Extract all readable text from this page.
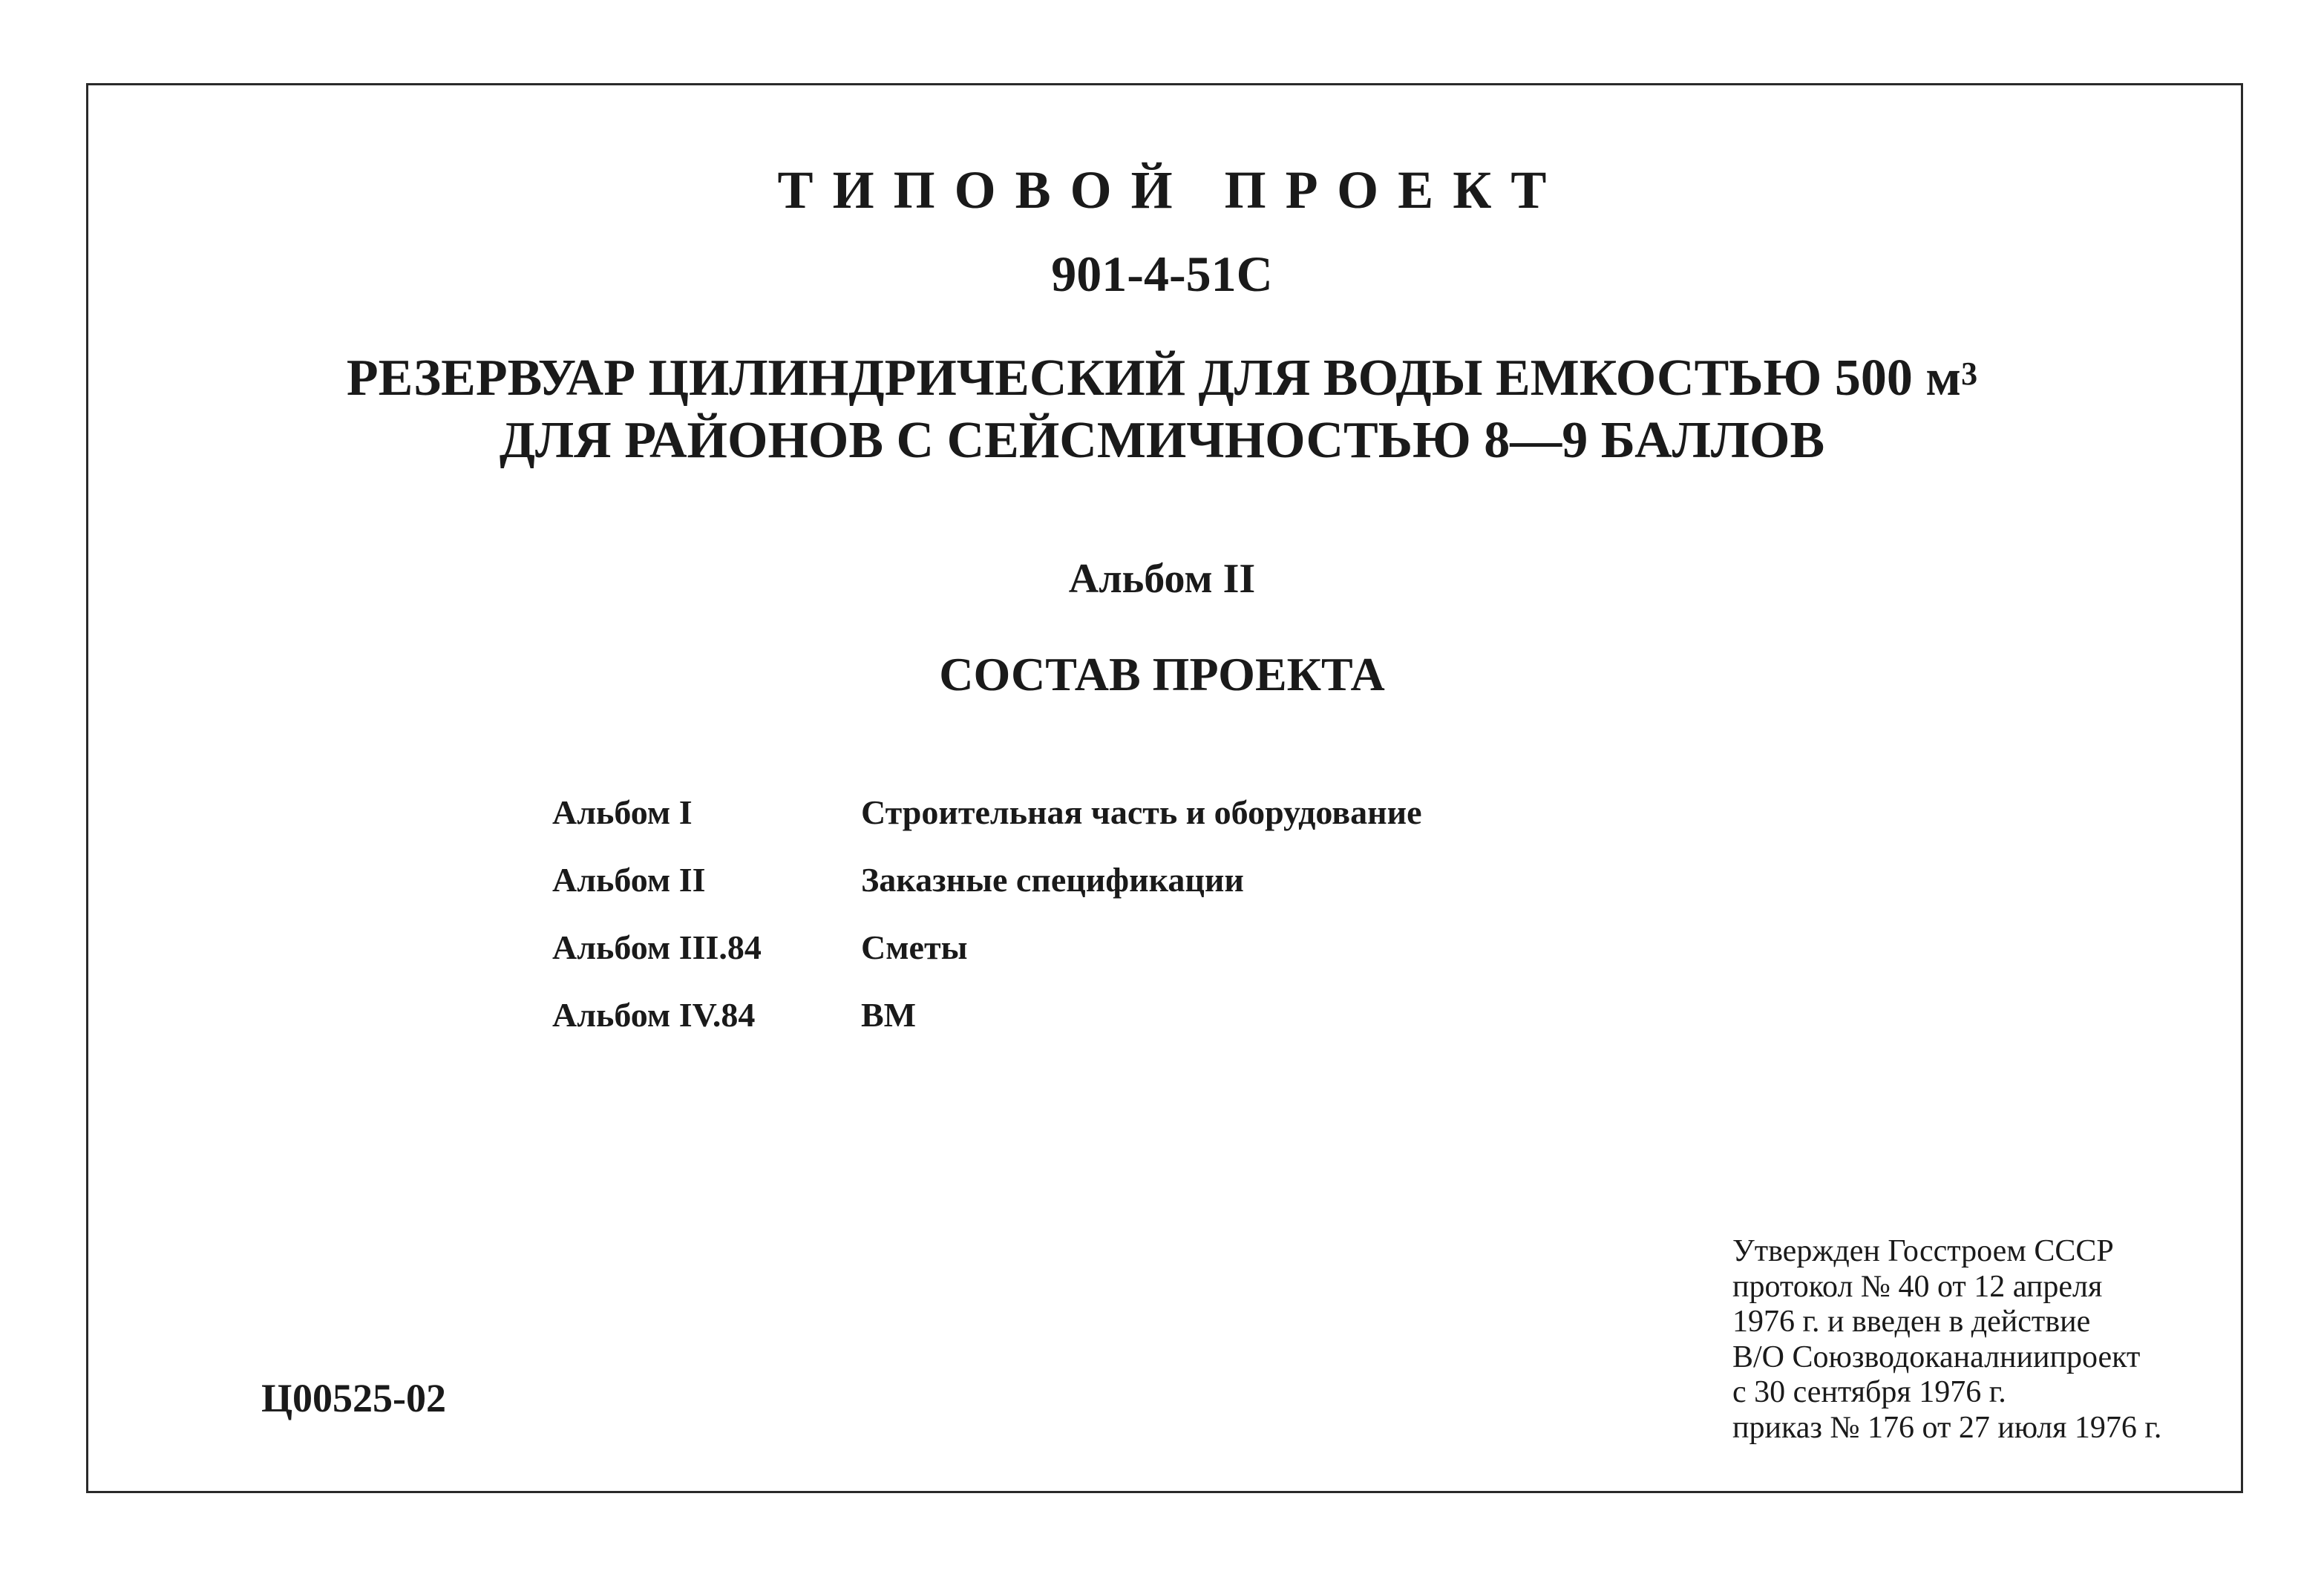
ТИПОВОЙ ПРОЕКТ
901-4-51С
РЕЗЕРВУАР ЦИЛИНДРИЧЕСКИЙ ДЛЯ ВОДЫ ЕМКОСТЬЮ 500 $м^3$
ДЛЯ РАЙОНОВ С СЕЙСМИЧНОСТЬЮ 8—9 БАЛЛОВ
Альбом II
СОСТАВ ПРОЕКТА
Альбом I	Строительная часть и оборудование
Альбом II	Заказные спецификации
Альбом III.84	Сметы
Альбом IV.84	ВМ
Ц00525-02
Утвержден Госстроем СССР
протокол № 40 от 12 апреля
1976 г. и введен в действие
В/О Союзводоканалниипроект
с 30 сентября 1976 г.
приказ № 176 от 27 июля 1976 г.
